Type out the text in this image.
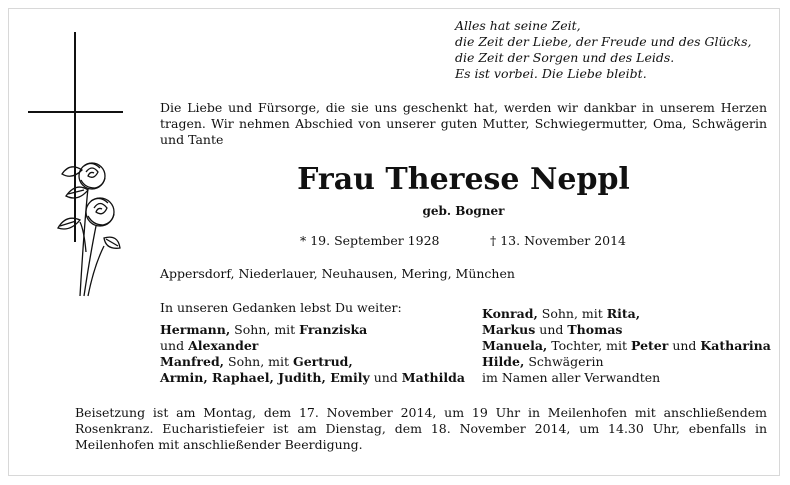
Alles hat seine Zeit,
die Zeit der Liebe, der Freude und des Glücks,
die Zeit der Sorgen und des Leids.
Es ist vorbei. Die Liebe bleibt.
Die Liebe und Fürsorge, die sie uns geschenkt hat, werden wir dankbar in unserem Herzen tragen. Wir nehmen Abschied von unserer guten Mutter, Schwiegermutter, Oma, Schwägerin und Tante
Frau Therese Neppl
geb. Bogner
* 19. September 1928	† 13. November 2014
Appersdorf, Niederlauer, Neuhausen, Mering, München
In unseren Gedanken lebst Du weiter:
Hermann, Sohn, mit Franziska
und Alexander
Manfred, Sohn, mit Gertrud,
Armin, Raphael, Judith, Emily und Mathilda
Konrad, Sohn, mit Rita,
Markus und Thomas
Manuela, Tochter, mit Peter und Katharina
Hilde, Schwägerin
im Namen aller Verwandten
Beisetzung ist am Montag, dem 17. November 2014, um 19 Uhr in Meilenhofen mit anschließendem Rosenkranz. Eucharistiefeier ist am Dienstag, dem 18. November 2014, um 14.30 Uhr, ebenfalls in Meilenhofen mit anschließender Beerdigung.
